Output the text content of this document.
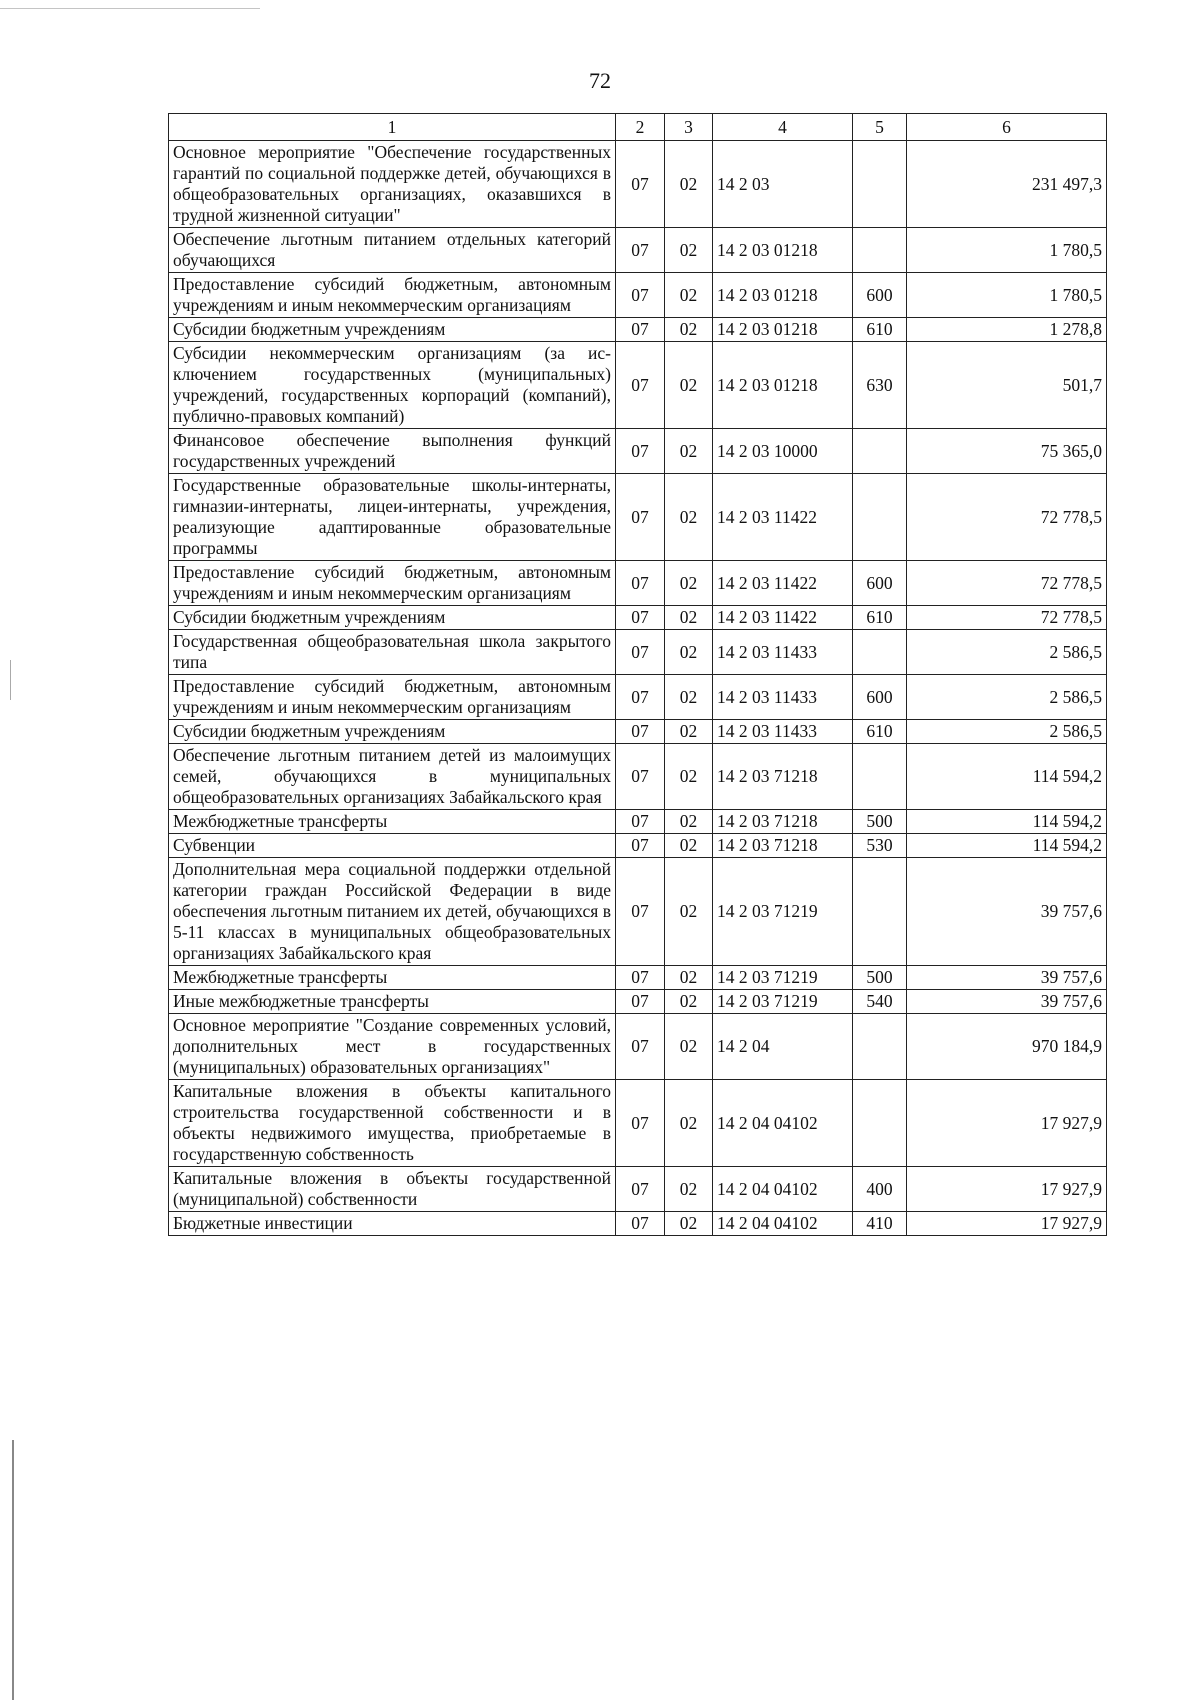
72
1	2	3	4	5	6
Основное мероприятие "Обеспечение государственных гарантий по социальной поддержке детей, обучающихся в общеобразовательных организациях, оказавшихся в трудной жизненной ситуации"	07	02	14 2 03		231 497,3
Обеспечение льготным питанием отдельных категорий обучающихся	07	02	14 2 03 01218		1 780,5
Предоставление субсидий бюджетным, автономным учреждениям и иным некоммерческим организациям	07	02	14 2 03 01218	600	1 780,5
Субсидии бюджетным учреждениям	07	02	14 2 03 01218	610	1 278,8
Субсидии некоммерческим организациям (за исключением государственных (муниципальных) учреждений, государственных корпораций (компаний), публично-правовых компаний)	07	02	14 2 03 01218	630	501,7
Финансовое обеспечение выполнения функций государственных учреждений	07	02	14 2 03 10000		75 365,0
Государственные образовательные школы-интернаты, гимназии-интернаты, лицеи-интернаты, учреждения, реализующие адаптированные образовательные программы	07	02	14 2 03 11422		72 778,5
Предоставление субсидий бюджетным, автономным учреждениям и иным некоммерческим организациям	07	02	14 2 03 11422	600	72 778,5
Субсидии бюджетным учреждениям	07	02	14 2 03 11422	610	72 778,5
Государственная общеобразовательная школа закрытого типа	07	02	14 2 03 11433		2 586,5
Предоставление субсидий бюджетным, автономным учреждениям и иным некоммерческим организациям	07	02	14 2 03 11433	600	2 586,5
Субсидии бюджетным учреждениям	07	02	14 2 03 11433	610	2 586,5
Обеспечение льготным питанием детей из малоимущих семей, обучающихся в муниципальных общеобразовательных организациях Забайкальского края	07	02	14 2 03 71218		114 594,2
Межбюджетные трансферты	07	02	14 2 03 71218	500	114 594,2
Субвенции	07	02	14 2 03 71218	530	114 594,2
Дополнительная мера социальной поддержки отдельной категории граждан Российской Федерации в виде обеспечения льготным питанием их детей, обучающихся в 5-11 классах в муниципальных общеобразовательных организациях Забайкальского края	07	02	14 2 03 71219		39 757,6
Межбюджетные трансферты	07	02	14 2 03 71219	500	39 757,6
Иные межбюджетные трансферты	07	02	14 2 03 71219	540	39 757,6
Основное мероприятие "Создание современных условий, дополнительных мест в государственных (муниципальных) образовательных организациях"	07	02	14 2 04		970 184,9
Капитальные вложения в объекты капитального строительства государственной собственности и в объекты недвижимого имущества, приобретаемые в государственную собственность	07	02	14 2 04 04102		17 927,9
Капитальные вложения в объекты государственной (муниципальной) собственности	07	02	14 2 04 04102	400	17 927,9
Бюджетные инвестиции	07	02	14 2 04 04102	410	17 927,9
